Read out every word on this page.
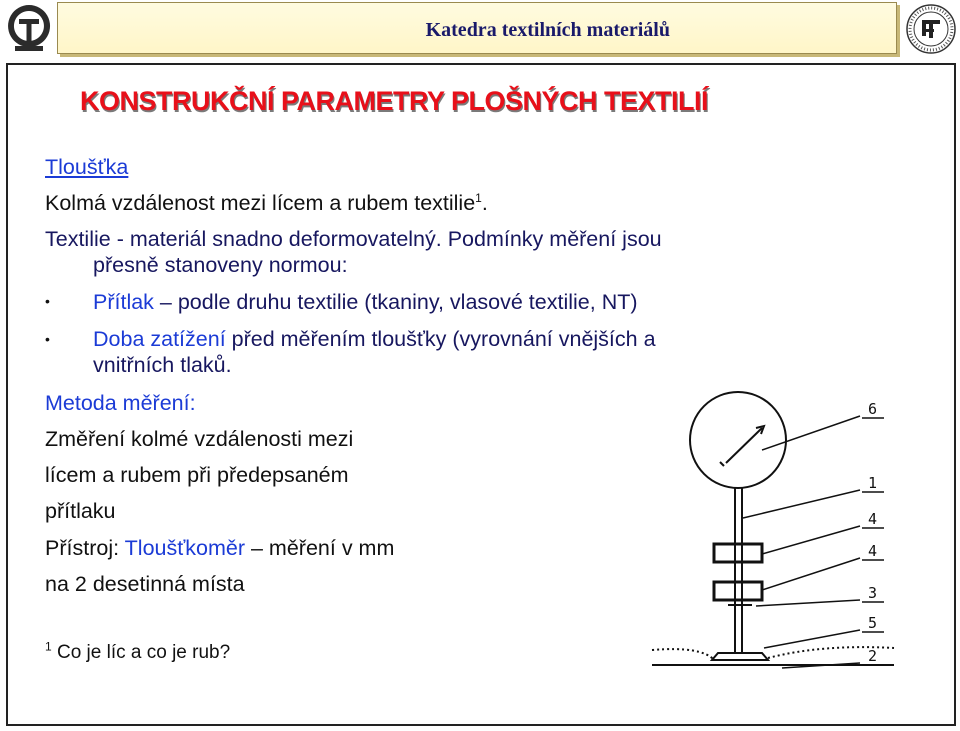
Katedra textilních materiálů
KONSTRUKČNÍ PARAMETRY PLOŠNÝCH TEXTILIÍ
Tloušťka
Kolmá vzdálenost mezi lícem a rubem textilie$^1$.
Textilie - materiál snadno deformovatelný. Podmínky měření jsou
přesně stanoveny normou:
• Přítlak – podle druhu textilie (tkaniny, vlasové textilie, NT)
• Doba zatížení před měřením tloušťky (vyrovnání vnějších a
vnitřních tlaků.
Metoda měření:
Změření kolmé vzdálenosti mezi
lícem a rubem při předepsaném
přítlaku
Přístroj: Tloušťkoměr – měření v mm
na 2 desetinná místa
$^1$ Co je líc a co je rub?
6
1
4
4
3
5
2
